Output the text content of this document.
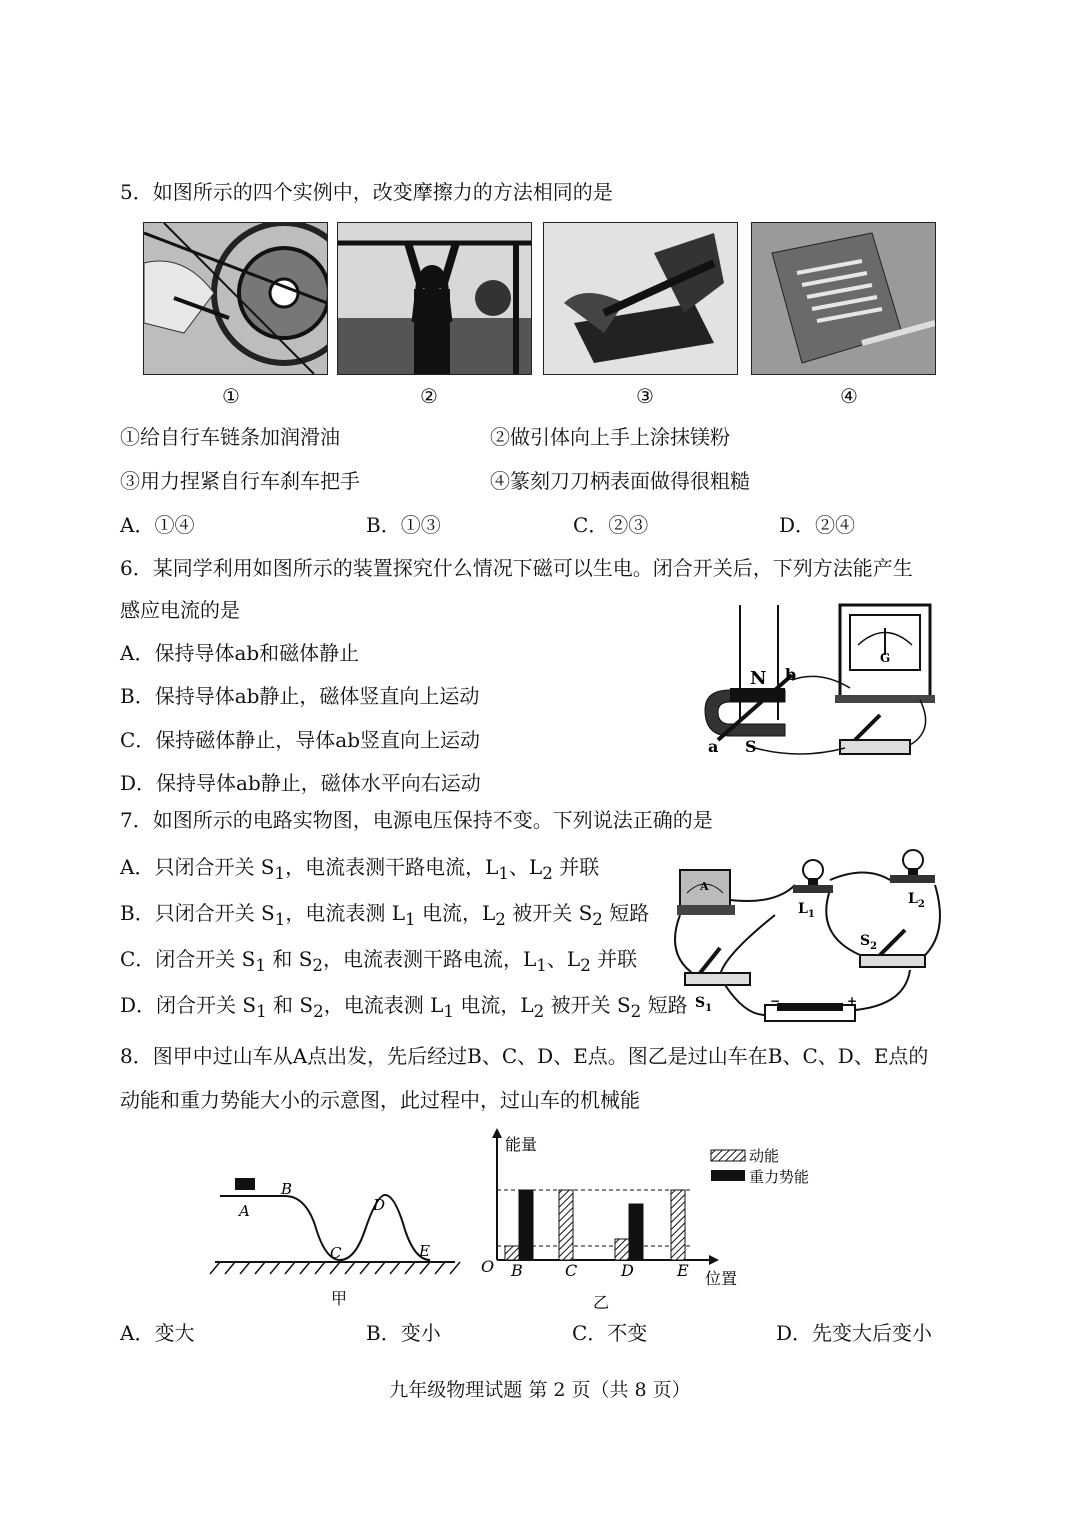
5．如图所示的四个实例中，改变摩擦力的方法相同的是
①	②	③	④
①给自行车链条加润滑油	②做引体向上手上涂抹镁粉
③用力捏紧自行车刹车把手	④篆刻刀刀柄表面做得很粗糙
A．①④	B．①③	C．②③	D．②④
6．某同学利用如图所示的装置探究什么情况下磁可以生电。闭合开关后，下列方法能产生
感应电流的是
A．保持导体ab和磁体静止
B．保持导体ab静止，磁体竖直向上运动
C．保持磁体静止，导体ab竖直向上运动
D．保持导体ab静止，磁体水平向右运动
N b
a S
G
7．如图所示的电路实物图，电源电压保持不变。下列说法正确的是
A．只闭合开关 $S_1$，电流表测干路电流，$L_1$、$L_2$ 并联
B．只闭合开关 $S_1$，电流表测 $L_1$ 电流，$L_2$ 被开关 $S_2$ 短路
C．闭合开关 $S_1$ 和 $S_2$，电流表测干路电流，$L_1$、$L_2$ 并联
D．闭合开关 $S_1$ 和 $S_2$，电流表测 $L_1$ 电流，$L_2$ 被开关 $S_2$ 短路
A
$L_1$
$L_2$
$S_2$
$S_1$
−	+
8．图甲中过山车从A点出发，先后经过B、C、D、E点。图乙是过山车在B、C、D、E点的
动能和重力势能大小的示意图，此过程中，过山车的机械能
A
B
C
D
E
甲
能量
位置
O
动能
重力势能
B	C	D	E
乙
A．变大	B．变小	C．不变	D．先变大后变小
九年级物理试题 第 2 页（共 8 页）
